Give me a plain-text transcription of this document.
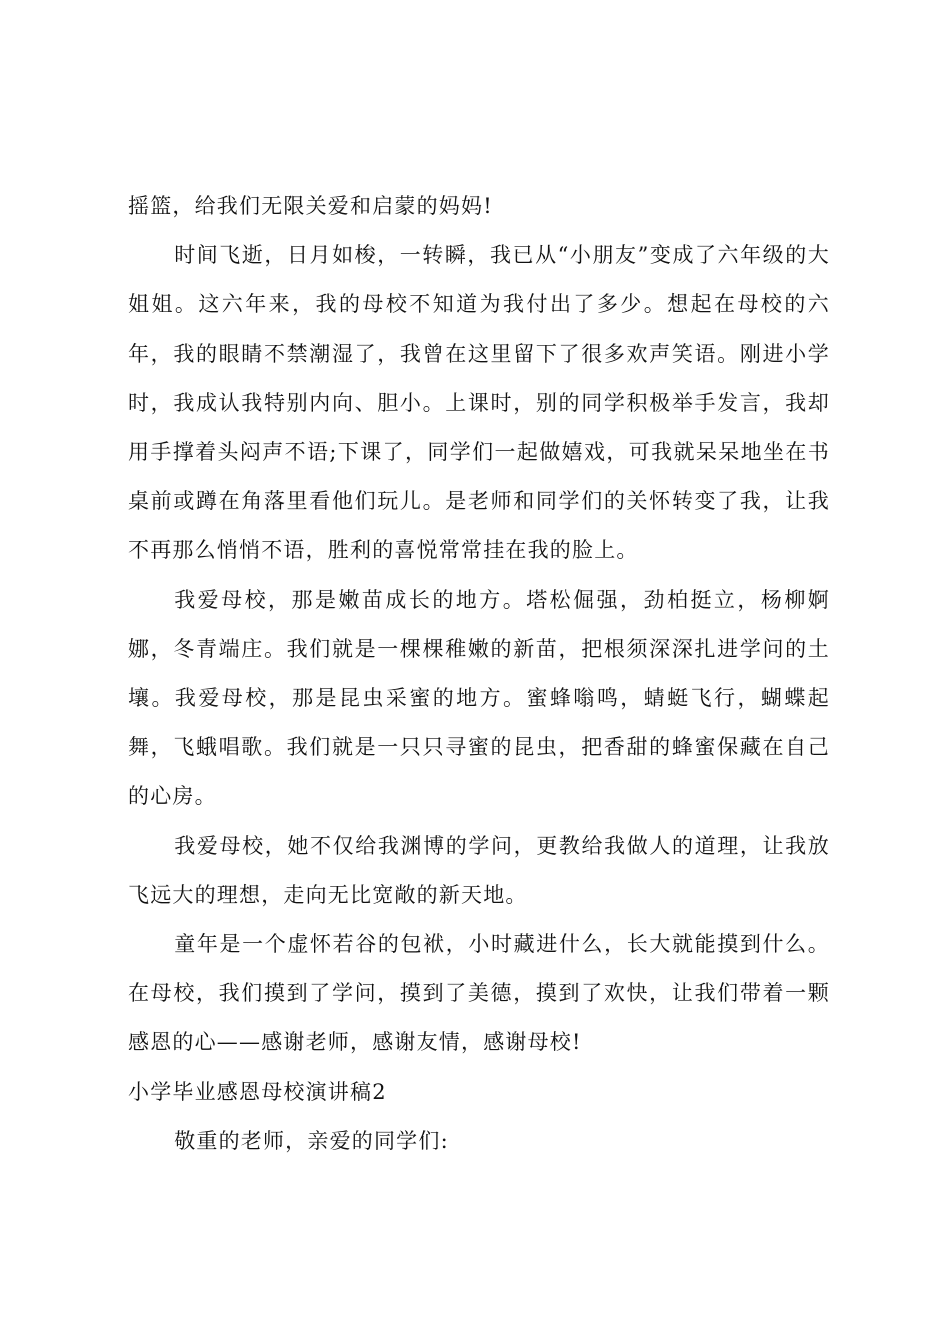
摇篮，给我们无限关爱和启蒙的妈妈!

时间飞逝，日月如梭，一转瞬，我已从“小朋友”变成了六年级的大姐姐。这六年来，我的母校不知道为我付出了多少。想起在母校的六年，我的眼睛不禁潮湿了，我曾在这里留下了很多欢声笑语。刚进小学时，我成认我特别内向、胆小。上课时，别的同学积极举手发言，我却用手撑着头闷声不语;下课了，同学们一起做嬉戏，可我就呆呆地坐在书桌前或蹲在角落里看他们玩儿。是老师和同学们的关怀转变了我，让我不再那么悄悄不语，胜利的喜悦常常挂在我的脸上。

我爱母校，那是嫩苗成长的地方。塔松倔强，劲柏挺立，杨柳婀娜，冬青端庄。我们就是一棵棵稚嫩的新苗，把根须深深扎进学问的土壤。我爱母校，那是昆虫采蜜的地方。蜜蜂嗡鸣，蜻蜓飞行，蝴蝶起舞，飞蛾唱歌。我们就是一只只寻蜜的昆虫，把香甜的蜂蜜保藏在自己的心房。

我爱母校，她不仅给我渊博的学问，更教给我做人的道理，让我放飞远大的理想，走向无比宽敞的新天地。

童年是一个虚怀若谷的包袱，小时藏进什么，长大就能摸到什么。在母校，我们摸到了学问，摸到了美德，摸到了欢快，让我们带着一颗感恩的心——感谢老师，感谢友情，感谢母校!

小学毕业感恩母校演讲稿2

敬重的老师，亲爱的同学们:
